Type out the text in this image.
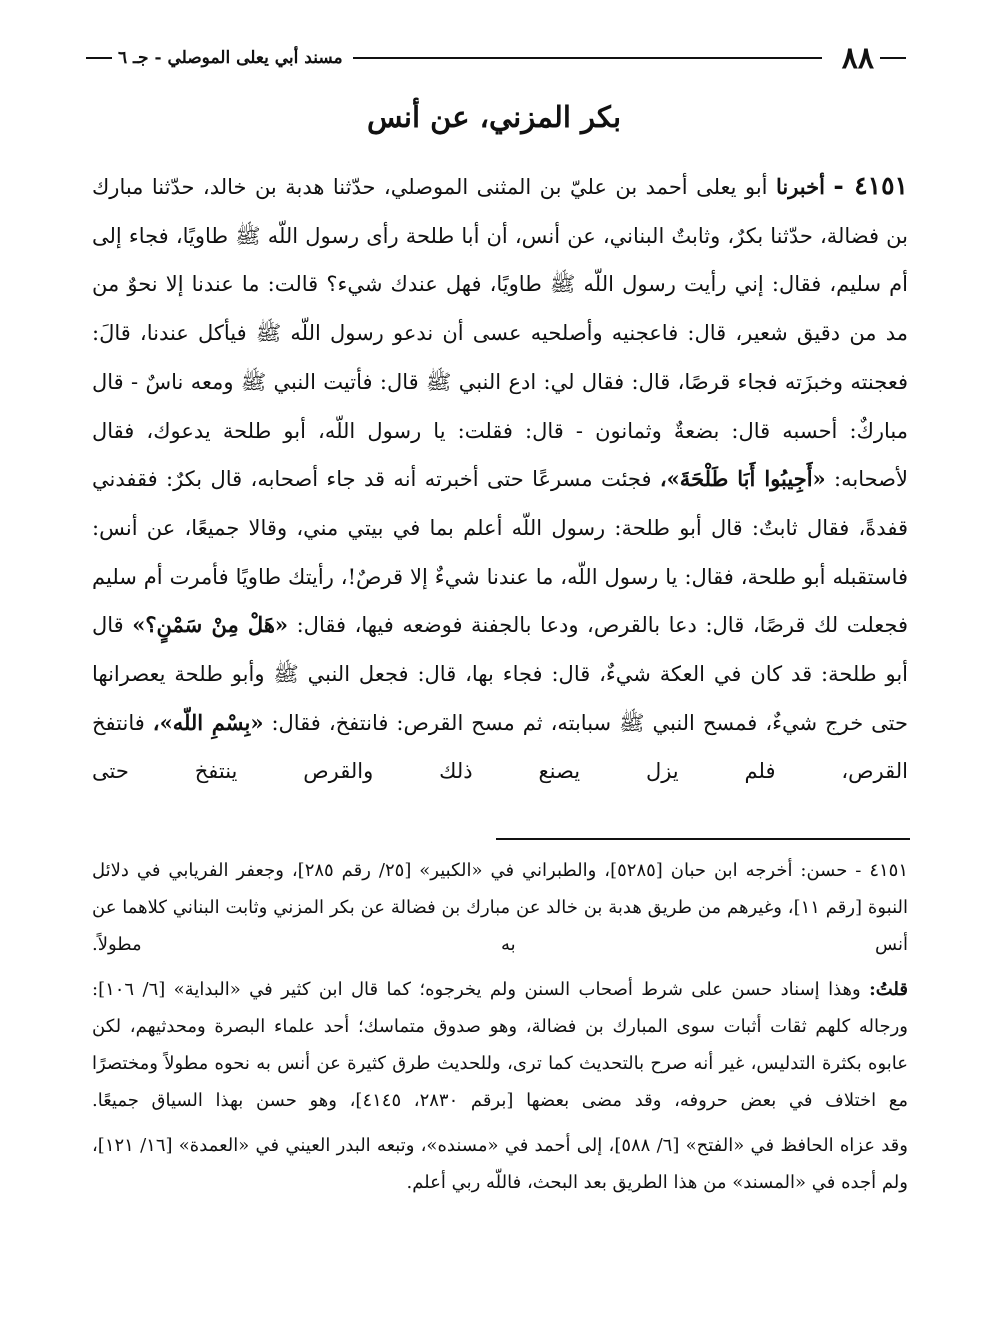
٨٨
مسند أبي يعلى الموصلي - جـ ٦
بكر المزني، عن أنس

٤١٥١ - أخبرنا أبو يعلى أحمد بن عليّ بن المثنى الموصلي، حدّثنا هدبة بن خالد، حدّثنا مبارك بن فضالة، حدّثنا بكرٌ، وثابتٌ البناني، عن أنس، أن أبا طلحة رأى رسول اللّه ﷺ طاويًا، فجاء إلى أم سليم، فقال: إني رأيت رسول اللّه ﷺ طاويًا، فهل عندك شيء؟ قالت: ما عندنا إلا نحوٌ من مد من دقيق شعير، قال: فاعجنيه وأصلحيه عسى أن ندعو رسول اللّه ﷺ فيأكل عندنا، قالَ: فعجنته وخبزَته فجاء قرصًا، قال: فقال لي: ادع النبي ﷺ قال: فأتيت النبي ﷺ ومعه ناسٌ - قال مباركٌ: أحسبه قال: بضعةٌ وثمانون - قال: فقلت: يا رسول اللّه، أبو طلحة يدعوك، فقال لأصحابه: «أَجِيبُوا أَبَا طَلْحَةَ»، فجئت مسرعًا حتى أخبرته أنه قد جاء أصحابه، قال بكرٌ: فقفدني قفدةً، فقال ثابتٌ: قال أبو طلحة: رسول اللّه أعلم بما في بيتي مني، وقالا جميعًا، عن أنس: فاستقبله أبو طلحة، فقال: يا رسول اللّه، ما عندنا شيءٌ إلا قرصٌ!، رأيتك طاويًا فأمرت أم سليم فجعلت لك قرصًا، قال: دعا بالقرص، ودعا بالجفنة فوضعه فيها، فقال: «هَلْ مِنْ سَمْنٍ؟» قال أبو طلحة: قد كان في العكة شيءٌ، قال: فجاء بها، قال: فجعل النبي ﷺ وأبو طلحة يعصرانها حتى خرج شيءٌ، فمسح النبي ﷺ سبابته، ثم مسح القرص: فانتفخ، فقال: «بِسْمِ اللّه»، فانتفخ القرص، فلم يزل يصنع ذلك والقرص ينتفخ حتى

٤١٥١ - حسن: أخرجه ابن حبان [٥٢٨٥]، والطبراني في «الكبير» [٢٥/ رقم ٢٨٥]، وجعفر الفريابي في دلائل النبوة [رقم ١١]، وغيرهم من طريق هدبة بن خالد عن مبارك بن فضالة عن بكر المزني وثابت البناني كلاهما عن أنس به مطولاً.

قلتُ: وهذا إسناد حسن على شرط أصحاب السنن ولم يخرجوه؛ كما قال ابن كثير في «البداية» [٦/ ١٠٦]: ورجاله كلهم ثقات أثبات سوى المبارك بن فضالة، وهو صدوق متماسك؛ أحد علماء البصرة ومحدثيهم، لكن عابوه بكثرة التدليس، غير أنه صرح بالتحديث كما ترى، وللحديث طرق كثيرة عن أنس به نحوه مطولاً ومختصرًا مع اختلاف في بعض حروفه، وقد مضى بعضها [برقم ٢٨٣٠، ٤١٤٥]، وهو حسن بهذا السياق جميعًا.

وقد عزاه الحافظ في «الفتح» [٦/ ٥٨٨]، إلى أحمد في «مسنده»، وتبعه البدر العيني في «العمدة» [١٦/ ١٢١]، ولم أجده في «المسند» من هذا الطريق بعد البحث، فاللّه ربي أعلم.
